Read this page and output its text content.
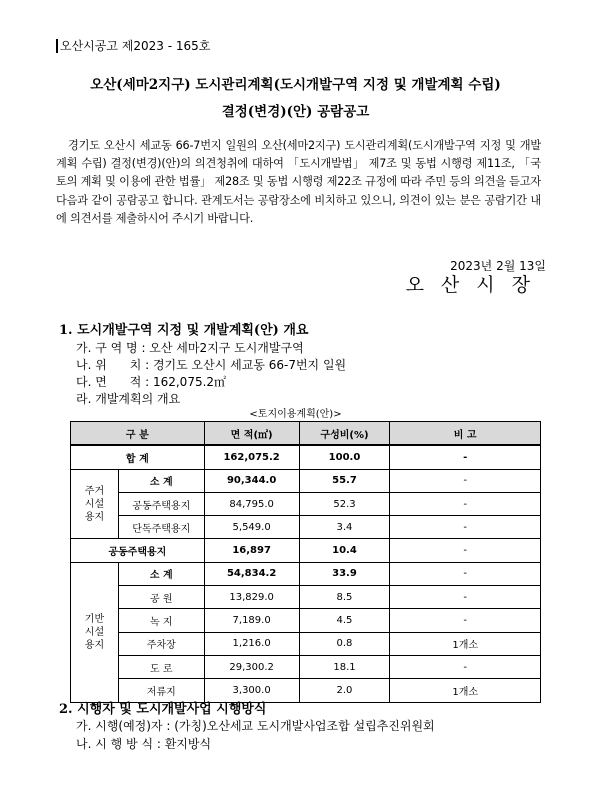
오산시공고 제2023 - 165호
오산(세마2지구) 도시관리계획(도시개발구역 지정 및 개발계획 수립)
결정(변경)(안) 공람공고
경기도 오산시 세교동 66-7번지 일원의 오산(세마2지구) 도시관리계획(도시개발구역 지정 및 개발계획 수립) 결정(변경)(안)의 의견청취에 대하여 「도시개발법」 제7조 및 동법 시행령 제11조, 「국토의 계획 및 이용에 관한 법률」 제28조 및 동법 시행령 제22조 규정에 따라 주민 등의 의견을 듣고자 다음과 같이 공람공고 합니다. 관계도서는 공람장소에 비치하고 있으니, 의견이 있는 분은 공람기간 내에 의견서를 제출하시어 주시기 바랍니다.
2023년 2월 13일
오산시장
1. 도시개발구역 지정 및 개발계획(안) 개요
가. 구 역 명 : 오산 세마2지구 도시개발구역
나. 위      치 : 경기도 오산시 세교동 66-7번지 일원
다. 면      적 : 162,075.2㎡
라. 개발계획의 개요
<토지이용계획(안)>
구 분		면 적(㎡)	구성비(%)	비 고
합 계		162,075.2	100.0	-
주거
시설
용지	소 계	90,344.0	55.7	-
	공동주택용지	84,795.0	52.3	-
	단독주택용지	5,549.0	3.4	-
공동주택용지		16,897	10.4	-
기반
시설
용지	소 계	54,834.2	33.9	-
	공 원	13,829.0	8.5	-
	녹 지	7,189.0	4.5	-
	주차장	1,216.0	0.8	1개소
	도 로	29,300.2	18.1	-
	저류지	3,300.0	2.0	1개소
2. 시행자 및 도시개발사업 시행방식
가. 시행(예정)자 : (가칭)오산세교 도시개발사업조합 설립추진위원회
나. 시 행 방 식 : 환지방식
